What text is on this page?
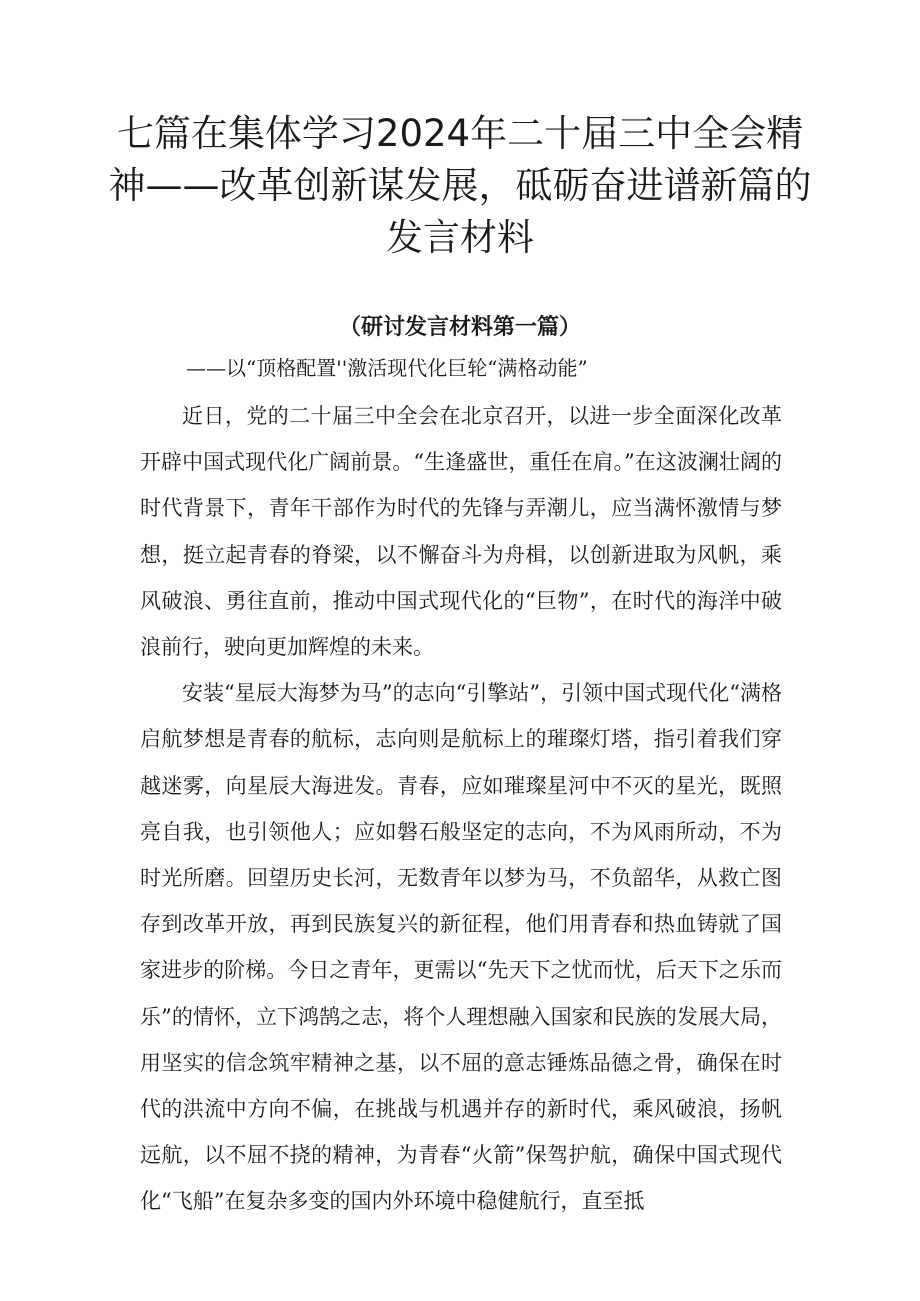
七篇在集体学习2024年二十届三中全会精神——改革创新谋发展，砥砺奋进谱新篇的发言材料
（研讨发言材料第一篇）
——以“顶格配置''激活现代化巨轮“满格动能”

近日，党的二十届三中全会在北京召开，以进一步全面深化改革开辟中国式现代化广阔前景。“生逢盛世，重任在肩。”在这波澜壮阔的时代背景下，青年干部作为时代的先锋与弄潮儿，应当满怀激情与梦想，挺立起青春的脊梁，以不懈奋斗为舟楫，以创新进取为风帆，乘风破浪、勇往直前，推动中国式现代化的“巨物”，在时代的海洋中破浪前行，驶向更加辉煌的未来。

安装“星辰大海梦为马”的志向“引擎站”，引领中国式现代化“满格启航梦想是青春的航标，志向则是航标上的璀璨灯塔，指引着我们穿越迷雾，向星辰大海进发。青春，应如璀璨星河中不灭的星光，既照亮自我，也引领他人；应如磐石般坚定的志向，不为风雨所动，不为时光所磨。回望历史长河，无数青年以梦为马，不负韶华，从救亡图存到改革开放，再到民族复兴的新征程，他们用青春和热血铸就了国家进步的阶梯。今日之青年，更需以“先天下之忧而忧，后天下之乐而乐”的情怀，立下鸿鹄之志，将个人理想融入国家和民族的发展大局，用坚实的信念筑牢精神之基，以不屈的意志锤炼品德之骨，确保在时代的洪流中方向不偏，在挑战与机遇并存的新时代，乘风破浪，扬帆远航，以不屈不挠的精神，为青春“火箭”保驾护航，确保中国式现代化“飞船”在复杂多变的国内外环境中稳健航行，直至抵
